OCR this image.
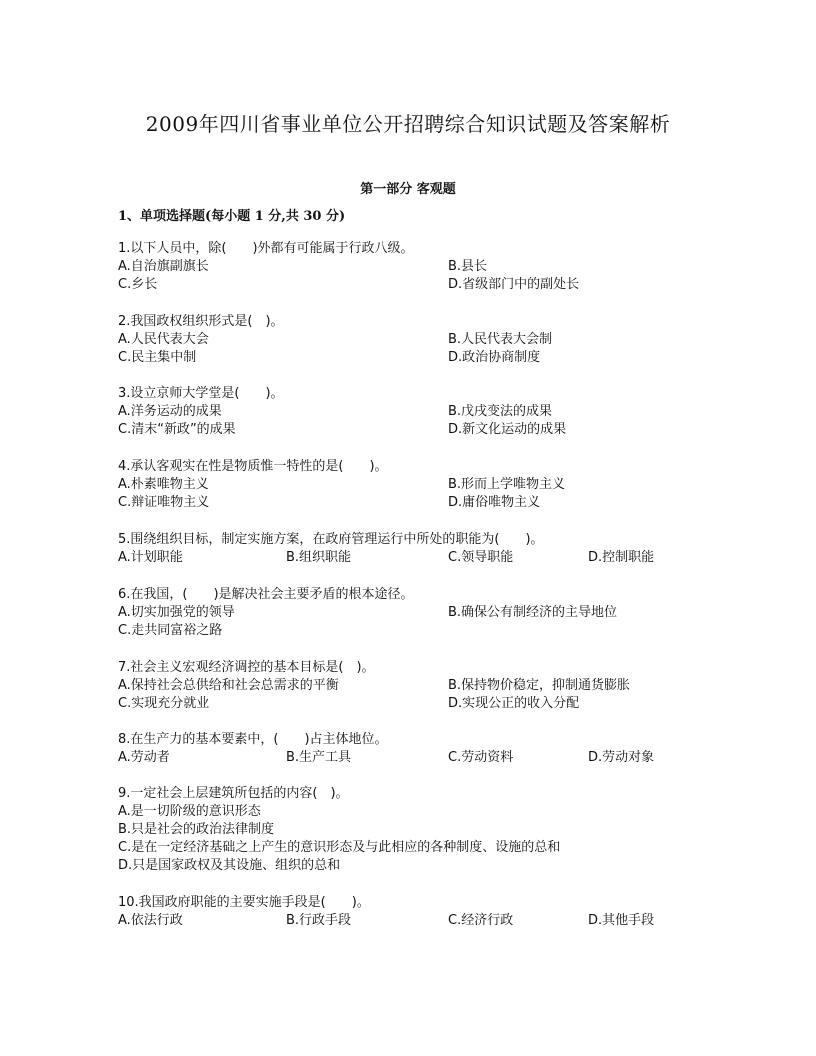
2009年四川省事业单位公开招聘综合知识试题及答案解析
第一部分 客观题
1、单项选择题(每小题 1 分,共 30 分)
1.以下人员中，除(　　)外都有可能属于行政八级。
A.自治旗副旗长	B.县长
C.乡长	D.省级部门中的副处长
2.我国政权组织形式是(　)。
A.人民代表大会	B.人民代表大会制
C.民主集中制	D.政治协商制度
3.设立京师大学堂是(　　)。
A.洋务运动的成果	B.戊戌变法的成果
C.清末“新政”的成果	D.新文化运动的成果
4.承认客观实在性是物质惟一特性的是(　　)。
A.朴素唯物主义	B.形而上学唯物主义
C.辩证唯物主义	D.庸俗唯物主义
5.围绕组织目标，制定实施方案，在政府管理运行中所处的职能为(　　)。
A.计划职能	B.组织职能	C.领导职能	D.控制职能
6.在我国，(　　)是解决社会主要矛盾的根本途径。
A.切实加强党的领导	B.确保公有制经济的主导地位
C.走共同富裕之路
7.社会主义宏观经济调控的基本目标是(　)。
A.保持社会总供给和社会总需求的平衡	B.保持物价稳定，抑制通货膨胀
C.实现充分就业	D.实现公正的收入分配
8.在生产力的基本要素中，(　　)占主体地位。
A.劳动者	B.生产工具	C.劳动资料	D.劳动对象
9.一定社会上层建筑所包括的内容(　)。
A.是一切阶级的意识形态
B.只是社会的政治法律制度
C.是在一定经济基础之上产生的意识形态及与此相应的各种制度、设施的总和
D.只是国家政权及其设施、组织的总和
10.我国政府职能的主要实施手段是(　　)。
A.依法行政	B.行政手段	C.经济行政	D.其他手段
